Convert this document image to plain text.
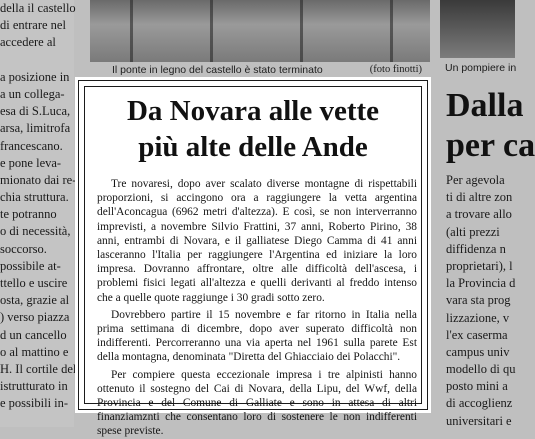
della il castello
di entrare nel
accedere al
a posizione in
a un collega-
esa di S.Luca,
arsa, limitrofa
francescano.
e pone leva-
mionato dai re-
chia struttura.
te potranno
o di necessità,
soccorso.
possibile at-
ttello e uscire
osta, grazie al
) verso piazza
d un cancello
o al mattino e
H. Il cortile del
istrutturato in
e possibili in-
Il ponte in legno del castello è stato terminato	(foto finotti) Un pompiere in
Dalla
per ca
Per agevola
ti di altre zon
a trovare allo
(alti prezzi
diffidenza n
proprietari), l
la Provincia d
vara sta prog
lizzazione, v
l'ex caserma
campus univ
modello di qu
posto mini a
di accoglienz
universitari e
Da Novara alle vette
più alte delle Ande

Tre novaresi, dopo aver scalato diverse montagne di rispettabili proporzioni, si accingono ora a raggiungere la vetta argentina dell'Aconcagua (6962 metri d'altezza). E così, se non interverranno imprevisti, a novembre Silvio Frattini, 37 anni, Roberto Pirino, 38 anni, entrambi di Novara, e il galliatese Diego Camma di 41 anni lasceranno l'Italia per raggiungere l'Argentina ed iniziare la loro impresa. Dovranno affrontare, oltre alle difficoltà dell'ascesa, i problemi fisici legati all'altezza e quelli derivanti al freddo intenso che a quelle quote raggiunge i 30 gradi sotto zero.

Dovrebbero partire il 15 novembre e far ritorno in Italia nella prima settimana di dicembre, dopo aver superato difficoltà non indifferenti. Percorreranno una via aperta nel 1961 sulla parete Est della montagna, denominata "Diretta del Ghiacciaio dei Polacchi".

Per compiere questa eccezionale impresa i tre alpinisti hanno ottenuto il sostegno del Cai di Novara, della Lipu, del Wwf, della Provincia e del Comune di Galliate e sono in attesa di altri finanziamznti che consentano loro di sostenere le non indifferenti spese previste.
